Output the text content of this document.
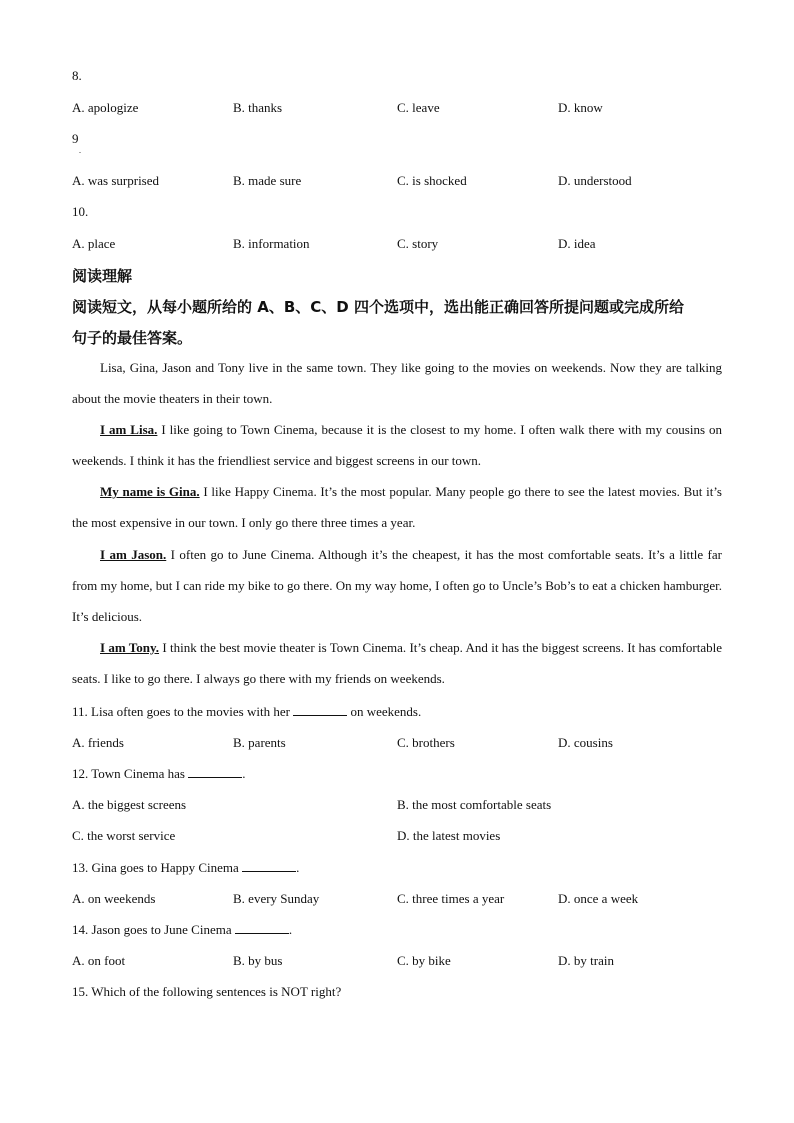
8.
A. apologize	B. thanks	C. leave	D. know
9
.
A. was surprised	B. made sure	C. is shocked	D. understood
10.
A. place	B. information	C. story	D. idea
阅读理解
阅读短文，从每小题所给的 A、B、C、D 四个选项中，选出能正确回答所提问题或完成所给
句子的最佳答案。
Lisa, Gina, Jason and Tony live in the same town. They like going to the movies on weekends. Now they are talking about the movie theaters in their town.
I am Lisa. I like going to Town Cinema, because it is the closest to my home. I often walk there with my cousins on weekends. I think it has the friendliest service and biggest screens in our town.
My name is Gina. I like Happy Cinema. It’s the most popular. Many people go there to see the latest movies. But it’s the most expensive in our town. I only go there three times a year.
I am Jason. I often go to June Cinema. Although it’s the cheapest, it has the most comfortable seats. It’s a little far from my home, but I can ride my bike to go there. On my way home, I often go to Uncle’s Bob’s to eat a chicken hamburger. It’s delicious.
I am Tony. I think the best movie theater is Town Cinema. It’s cheap. And it has the biggest screens. It has comfortable seats. I like to go there. I always go there with my friends on weekends.
11. Lisa often goes to the movies with her	on weekends.
A. friends	B. parents	C. brothers	D. cousins
12. Town Cinema has	.
A. the biggest screens	B. the most comfortable seats
C. the worst service	D. the latest movies
13. Gina goes to Happy Cinema	.
A. on weekends	B. every Sunday	C. three times a year	D. once a week
14. Jason goes to June Cinema	.
A. on foot	B. by bus	C. by bike	D. by train
15. Which of the following sentences is NOT right?
